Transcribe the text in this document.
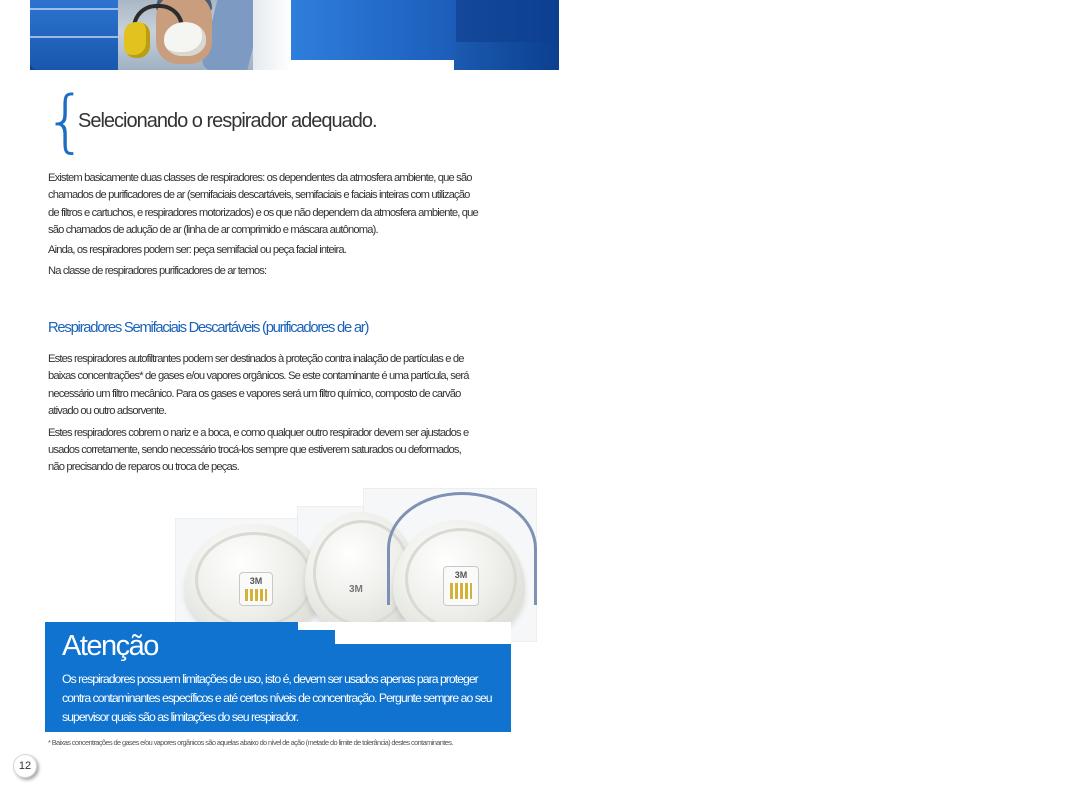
{
Selecionando o respirador adequado.

Existem basicamente duas classes de respiradores: os dependentes da atmosfera ambiente, que são chamados de purificadores de ar (semifaciais descartáveis, semifaciais e faciais inteiras com utilização de filtros e cartuchos, e respiradores motorizados) e os que não dependem da atmosfera ambiente, que são chamados de adução de ar (linha de ar comprimido e máscara autônoma).

Ainda, os respiradores podem ser: peça semifacial ou peça facial inteira.

Na classe de respiradores purificadores de ar temos:

Respiradores Semifaciais Descartáveis (purificadores de ar)

Estes respiradores autofiltrantes podem ser destinados à proteção contra inalação de partículas e de baixas concentrações* de gases e/ou vapores orgânicos. Se este contaminante é uma partícula, será necessário um filtro mecânico. Para os gases e vapores será um filtro químico, composto de carvão ativado ou outro adsorvente.

Estes respiradores cobrem o nariz e a boca, e como qualquer outro respirador devem ser ajustados e usados corretamente, sendo necessário trocá-los sempre que estiverem saturados ou deformados, não precisando de reparos ou troca de peças.

3M
3M
3M
Atenção
Os respiradores possuem limitações de uso, isto é, devem ser usados apenas para proteger contra contaminantes específicos e até certos níveis de concentração. Pergunte sempre ao seu supervisor quais são as limitações do seu respirador.
* Baixas concentrações de gases e/ou vapores orgânicos são aquelas abaixo do nível de ação (metade do limite de tolerância) destes contaminantes.
12
